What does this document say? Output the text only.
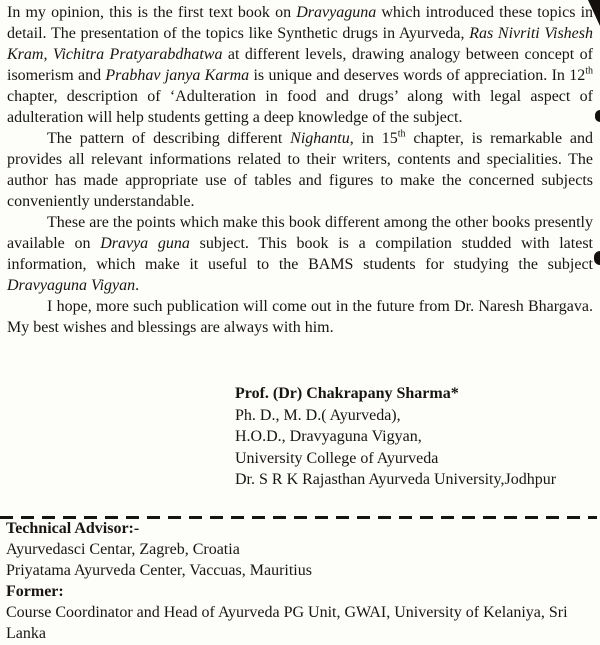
In my opinion, this is the first text book on Dravyaguna which introduced these topics in detail. The presentation of the topics like Synthetic drugs in Ayurveda, Ras Nivriti Vishesh Kram, Vichitra Pratyarabdhatwa at different levels, drawing analogy between concept of isomerism and Prabhav janya Karma is unique and deserves words of appreciation. In 12th chapter, description of ‘Adulteration in food and drugs’ along with legal aspect of adulteration will help students getting a deep knowledge of the subject.

The pattern of describing different Nighantu, in 15th chapter, is remarkable and provides all relevant informations related to their writers, contents and specialities. The author has made appropriate use of tables and figures to make the concerned subjects conveniently understandable.

These are the points which make this book different among the other books presently available on Dravya guna subject. This book is a compilation studded with latest information, which make it useful to the BAMS students for studying the subject Dravyaguna Vigyan.

I hope, more such publication will come out in the future from Dr. Naresh Bhargava. My best wishes and blessings are always with him.

Prof. (Dr) Chakrapany Sharma*

Ph. D., M. D.( Ayurveda),

H.O.D., Dravyaguna Vigyan,

University College of Ayurveda

Dr. S R K Rajasthan Ayurveda University,Jodhpur

Technical Advisor:-

Ayurvedasci Centar, Zagreb, Croatia

Priyatama Ayurveda Center, Vaccuas, Mauritius

Former:

Course Coordinator and Head of Ayurveda PG Unit, GWAI, University of Kelaniya, Sri Lanka
